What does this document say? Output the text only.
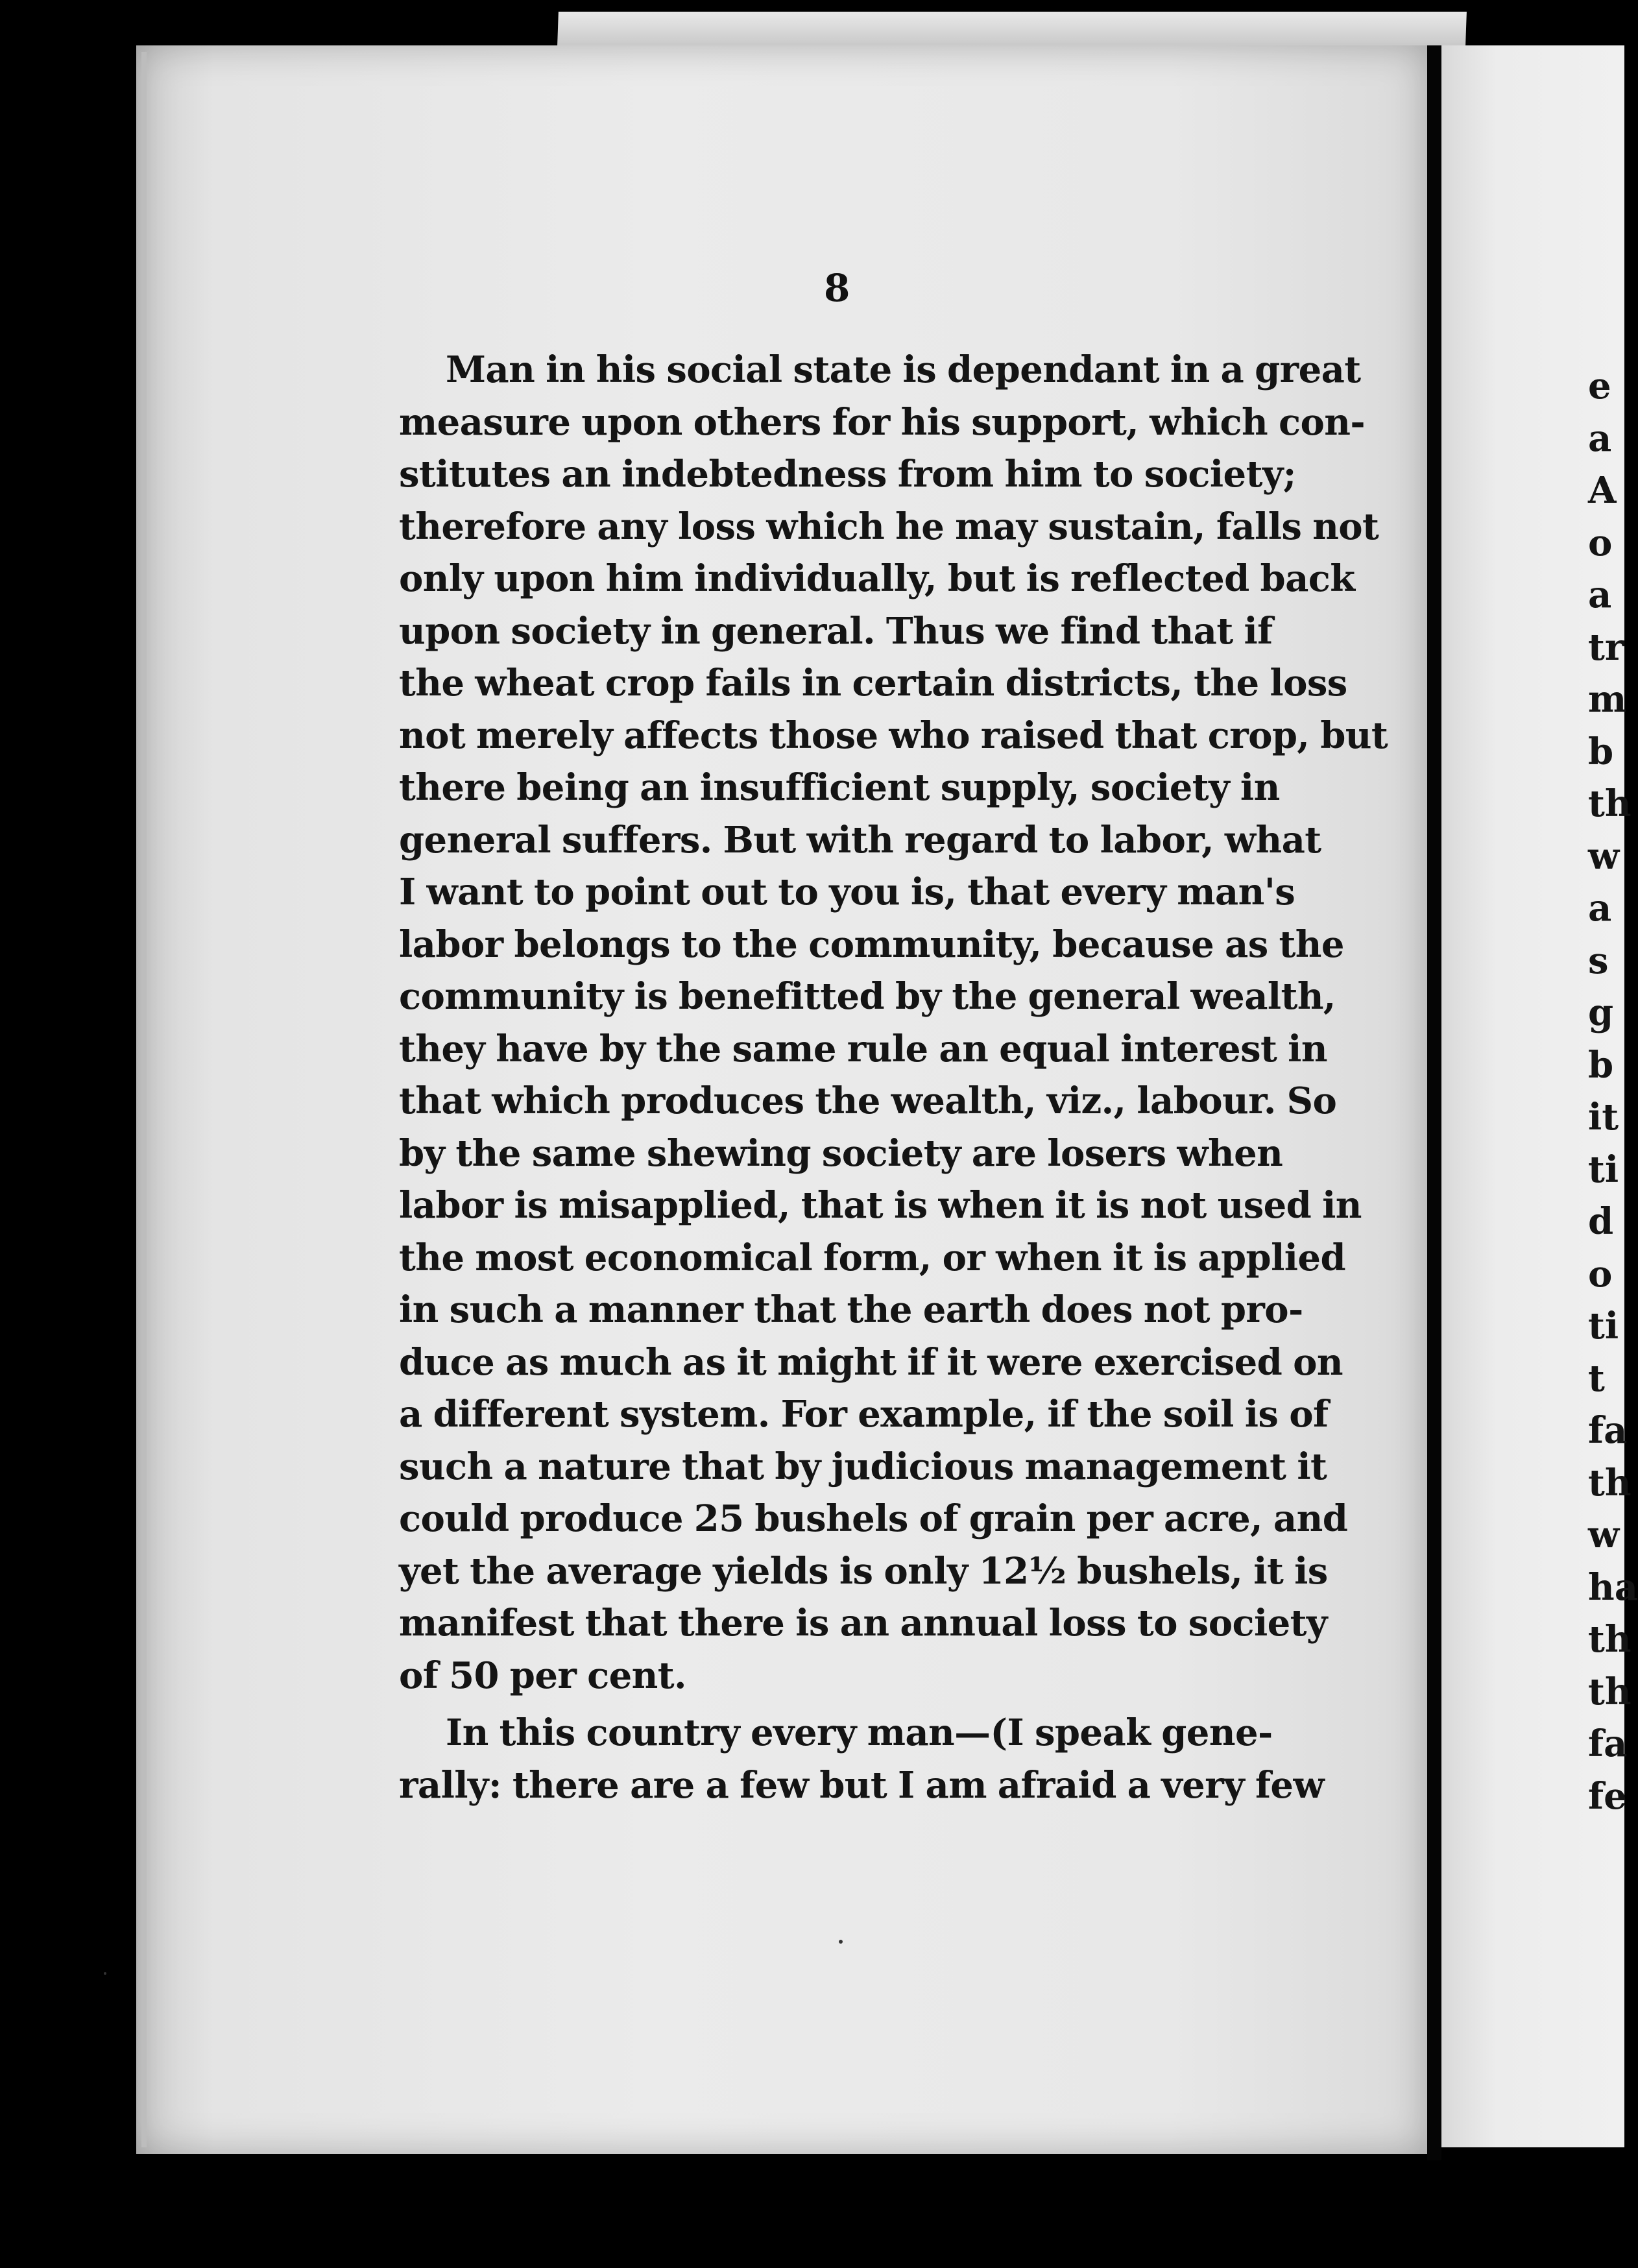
8
Man in his social state is dependant in a great
measure upon others for his support, which con-
stitutes an indebtedness from him to society;
therefore any loss which he may sustain, falls not
only upon him individually, but is reflected back
upon society in general. Thus we find that if
the wheat crop fails in certain districts, the loss
not merely affects those who raised that crop, but
there being an insufficient supply, society in
general suffers. But with regard to labor, what
I want to point out to you is, that every man's
labor belongs to the community, because as the
community is benefitted by the general wealth,
they have by the same rule an equal interest in
that which produces the wealth, viz., labour. So
by the same shewing society are losers when
labor is misapplied, that is when it is not used in
the most economical form, or when it is applied
in such a manner that the earth does not pro-
duce as much as it might if it were exercised on
a different system. For example, if the soil is of
such a nature that by judicious management it
could produce 25 bushels of grain per acre, and
yet the average yields is only 12½ bushels, it is
manifest that there is an annual loss to society
of 50 per cent.
In this country every man—(I speak gene-
rally: there are a few but I am afraid a very few
e
a
A
o
a
tr
m
b
th
w
a
s
g
b
it
ti
d
o
ti
t
fa
th
w
ha
th
th
fa
fe
